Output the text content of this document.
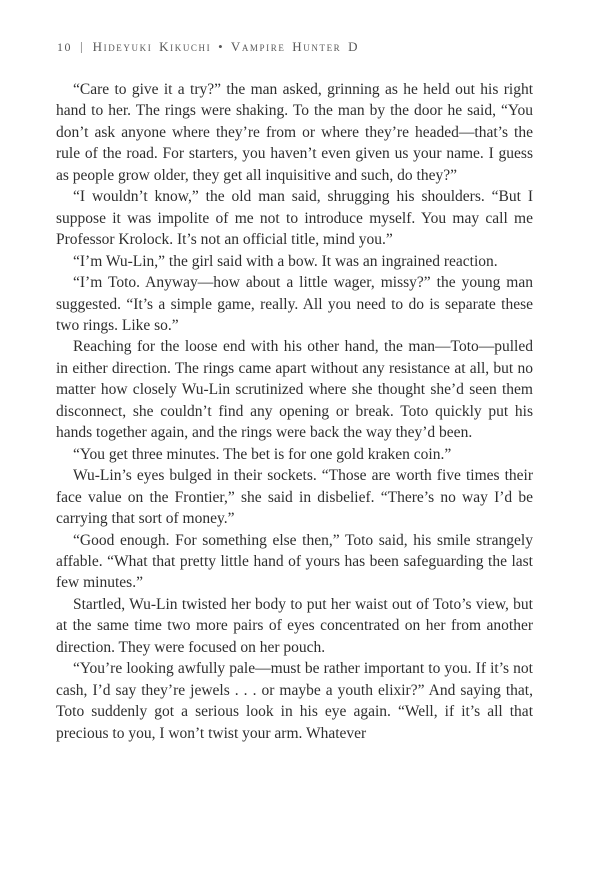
10 | Hideyuki Kikuchi • Vampire Hunter D

“Care to give it a try?” the man asked, grinning as he held out his right hand to her. The rings were shaking. To the man by the door he said, “You don’t ask anyone where they’re from or where they’re headed—that’s the rule of the road. For starters, you haven’t even given us your name. I guess as people grow older, they get all inquisitive and such, do they?”

“I wouldn’t know,” the old man said, shrugging his shoulders. “But I suppose it was impolite of me not to introduce myself. You may call me Professor Krolock. It’s not an official title, mind you.”

“I’m Wu-Lin,” the girl said with a bow. It was an ingrained reaction.

“I’m Toto. Anyway—how about a little wager, missy?” the young man suggested. “It’s a simple game, really. All you need to do is separate these two rings. Like so.”

Reaching for the loose end with his other hand, the man—Toto—pulled in either direction. The rings came apart without any resistance at all, but no matter how closely Wu-Lin scrutinized where she thought she’d seen them disconnect, she couldn’t find any opening or break. Toto quickly put his hands together again, and the rings were back the way they’d been.

“You get three minutes. The bet is for one gold kraken coin.”

Wu-Lin’s eyes bulged in their sockets. “Those are worth five times their face value on the Frontier,” she said in disbelief. “There’s no way I’d be carrying that sort of money.”

“Good enough. For something else then,” Toto said, his smile strangely affable. “What that pretty little hand of yours has been safeguarding the last few minutes.”

Startled, Wu-Lin twisted her body to put her waist out of Toto’s view, but at the same time two more pairs of eyes concentrated on her from another direction. They were focused on her pouch.

“You’re looking awfully pale—must be rather important to you. If it’s not cash, I’d say they’re jewels . . . or maybe a youth elixir?” And saying that, Toto suddenly got a serious look in his eye again. “Well, if it’s all that precious to you, I won’t twist your arm. Whatever
